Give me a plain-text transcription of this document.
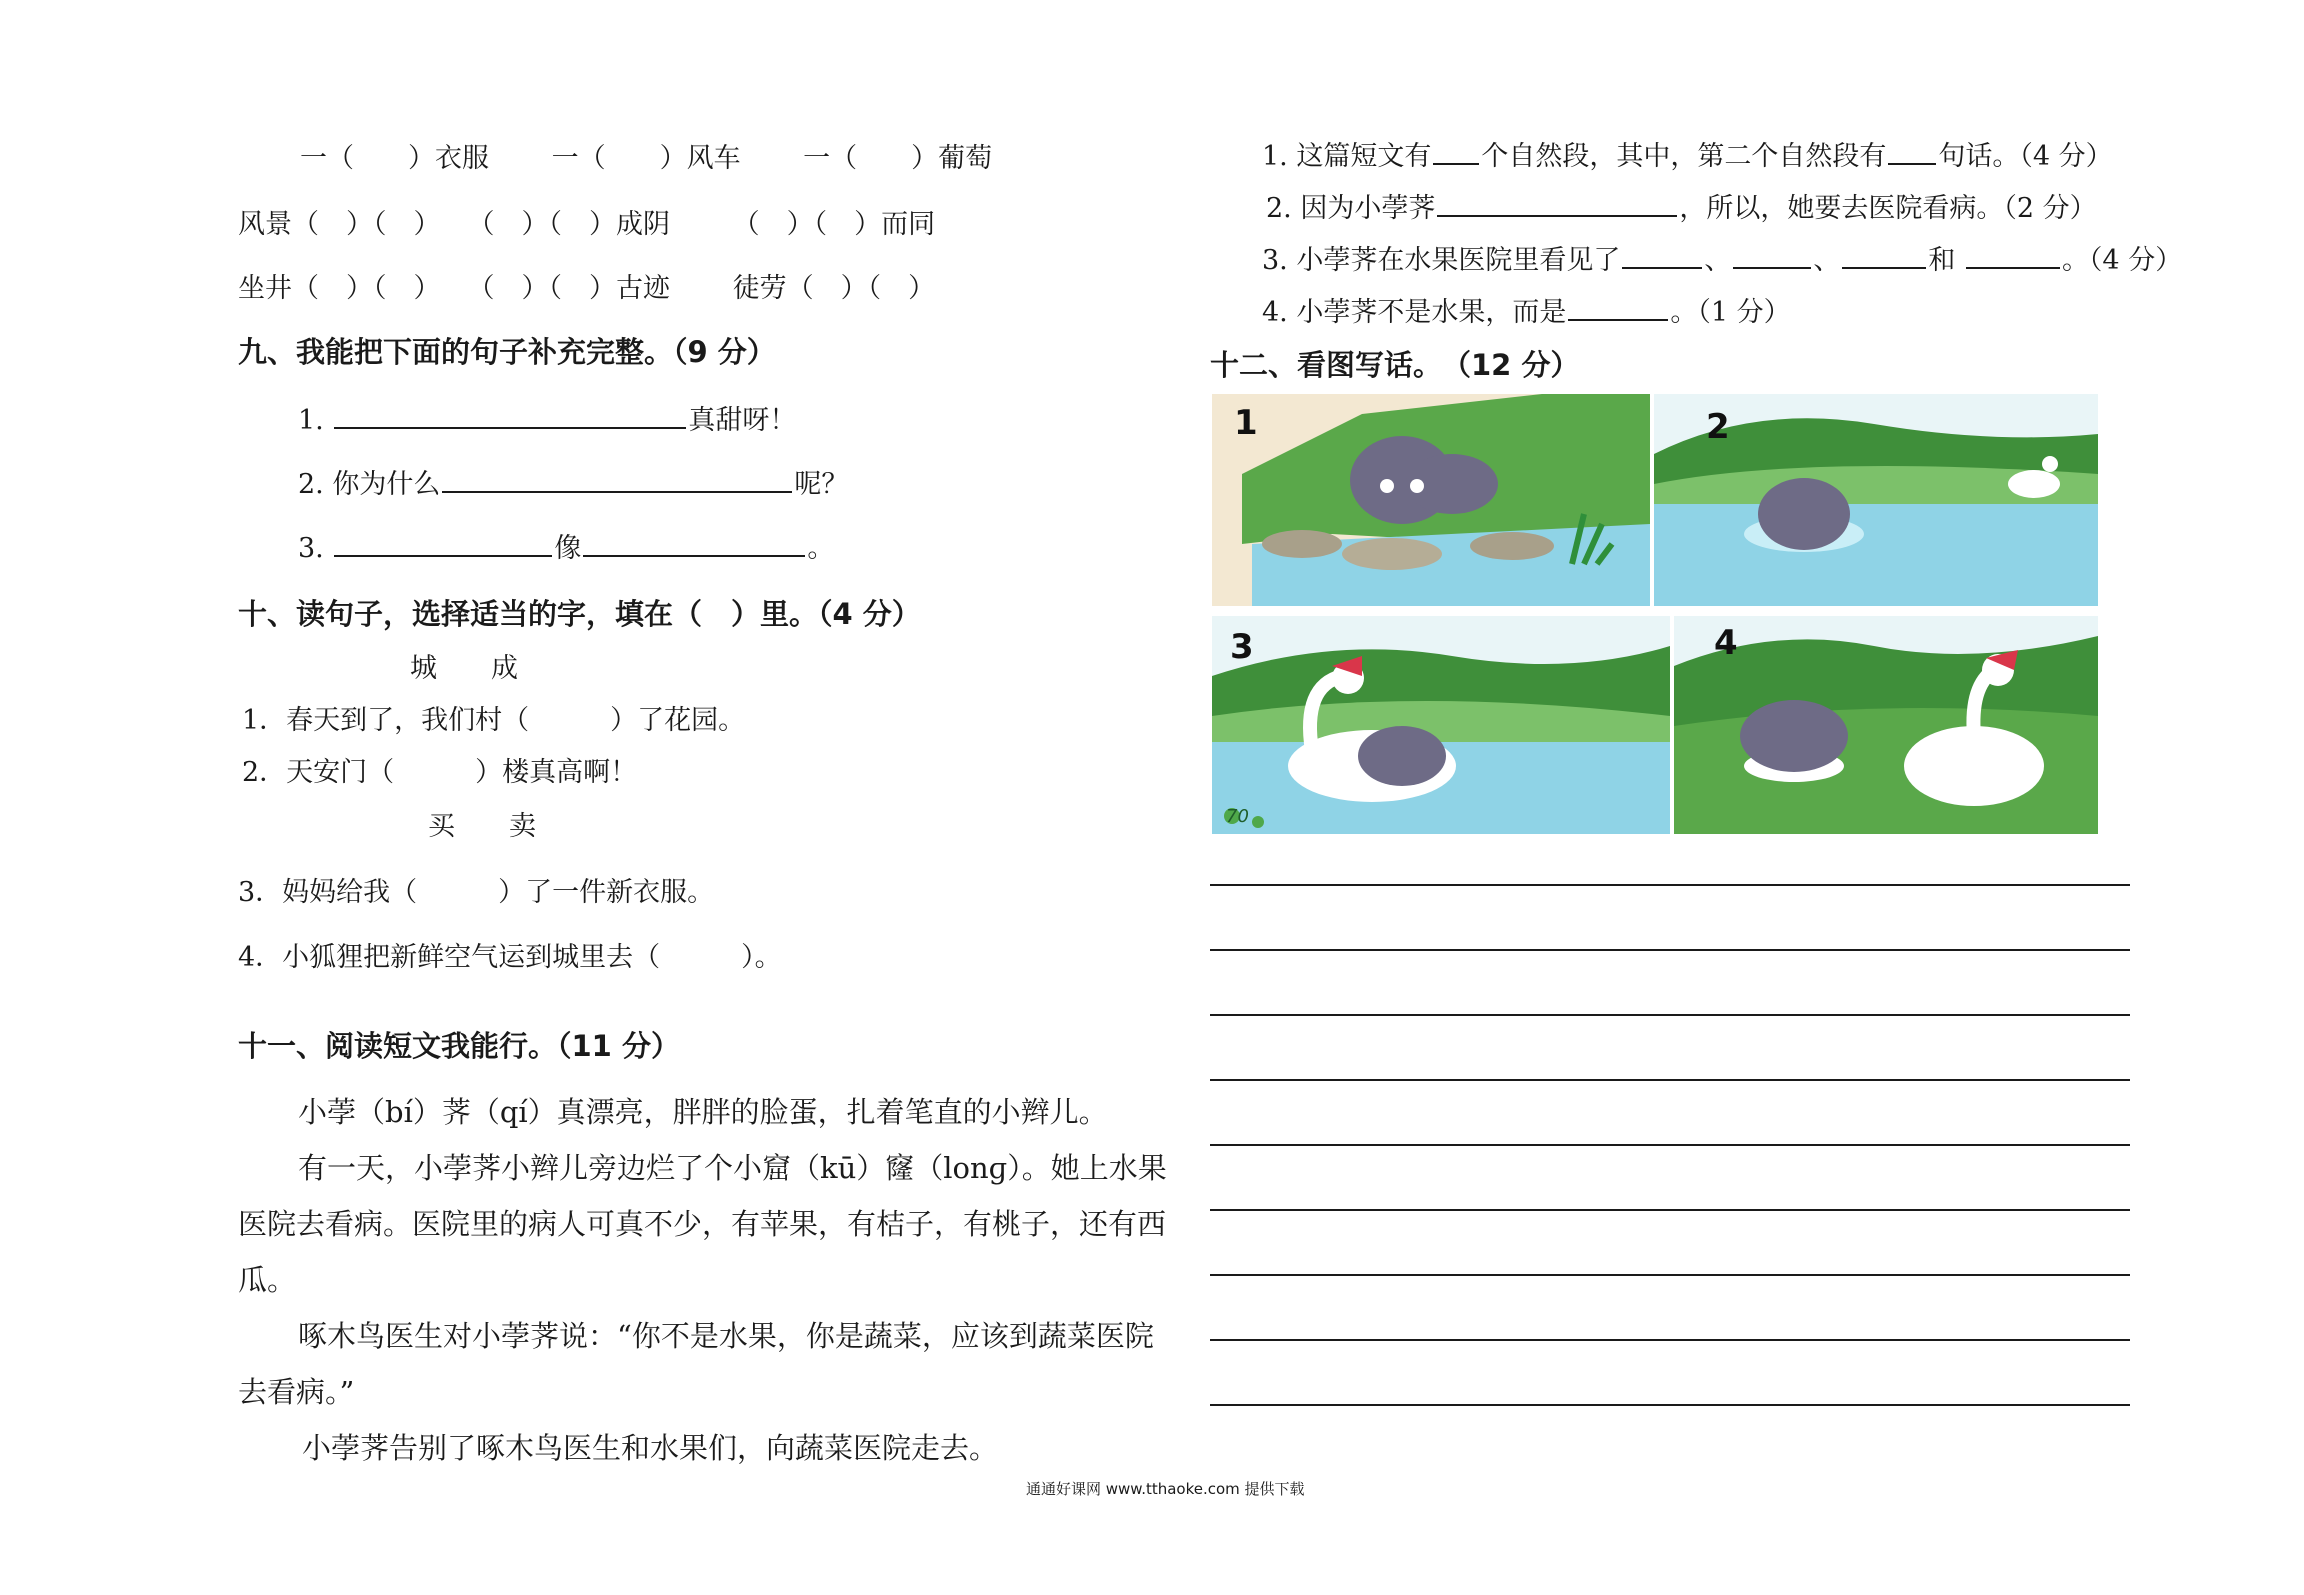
一（　　）衣服　　 一（　　）风车　　 一（　　）葡萄
风景（　）（　）　　（　）（　）成阴　　 （　）（　）而同
坐井（　）（　）　　（　）（　）古迹　　 徒劳（　）（　）
九、我能把下面的句子补充完整。（9 分）
1.	真甜呀！
2. 你为什么	呢？
3.	像	。
十、读句子，选择适当的字，填在（　）里。（4 分）
城　　成
1．春天到了，我们村（　　　）了花园。
2．天安门（　　　）楼真高啊！
买　　卖
3．妈妈给我（　　　）了一件新衣服。
4．小狐狸把新鲜空气运到城里去（　　　）。
十一、阅读短文我能行。（11 分）
小荸（bí）荠（qí）真漂亮，胖胖的脸蛋，扎着笔直的小辫儿。
有一天，小荸荠小辫儿旁边烂了个小窟（kū）窿（lonɡ）。她上水果医院去看病。医院里的病人可真不少，有苹果，有桔子，有桃子，还有西瓜。
啄木鸟医生对小荸荠说：“你不是水果，你是蔬菜，应该到蔬菜医院去看病。”
小荸荠告别了啄木鸟医生和水果们，向蔬菜医院走去。
1. 这篇短文有 个自然段，其中，第二个自然段有 句话。（4 分）
2. 因为小荸荠	，所以，她要去医院看病。（2 分）
3. 小荸荠在水果医院里看见了	、	、	和	。（4 分）
4. 小荸荠不是水果，而是	。（1 分）
十二、看图写话。　（12 分）
1	2
70
3	4
通通好课网 www.tthaoke.com 提供下载
